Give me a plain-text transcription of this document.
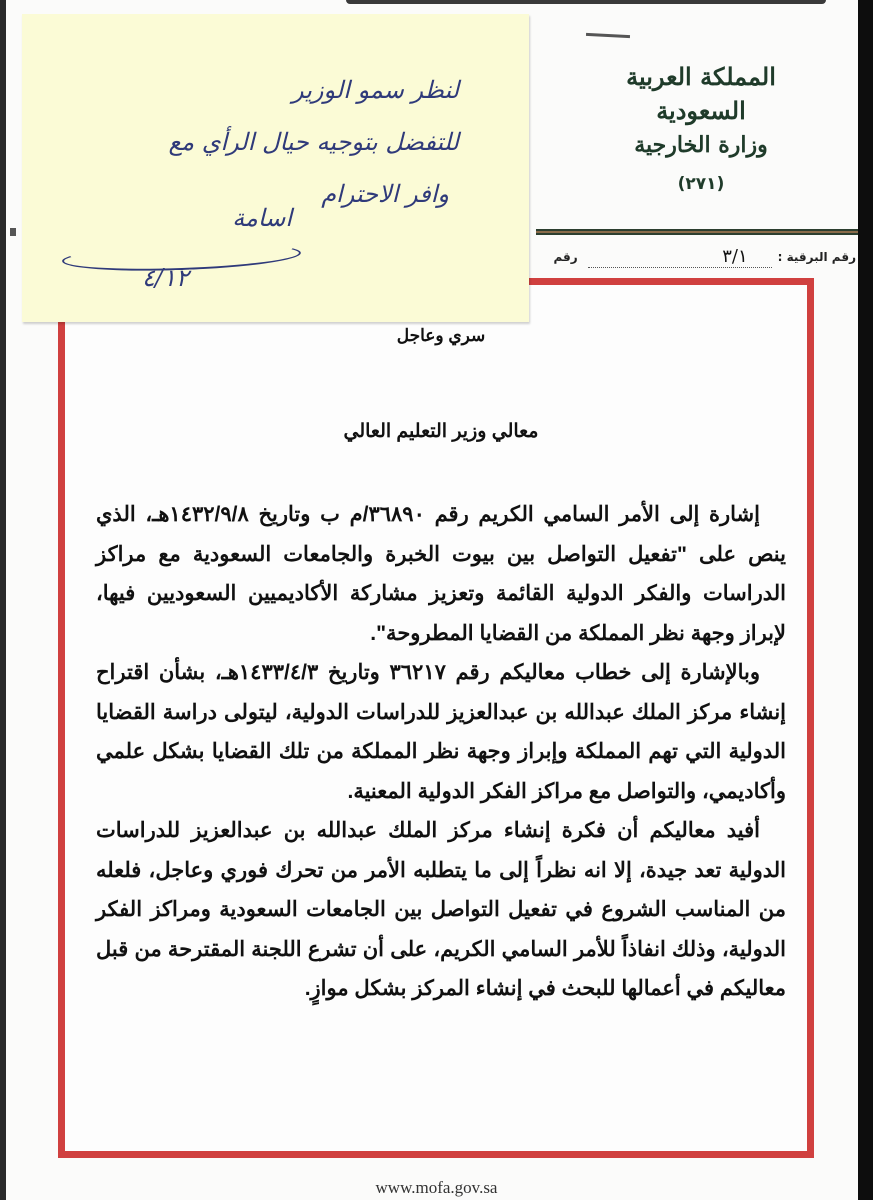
المملكة العربية السعودية
وزارة الخارجية
(٢٧١)
رقم البرقية :
٣/١
رقم
سري وعاجل
معالي وزير التعليم العالي

إشارة إلى الأمر السامي الكريم رقم ٣٦٨٩٠/م ب وتاريخ ١٤٣٢/٩/٨هـ، الذي ينص على "تفعيل التواصل بين بيوت الخبرة والجامعات السعودية مع مراكز الدراسات والفكر الدولية القائمة وتعزيز مشاركة الأكاديميين السعوديين فيها، لإبراز وجهة نظر المملكة من القضايا المطروحة".

وبالإشارة إلى خطاب معاليكم رقم ٣٦٢١٧ وتاريخ ١٤٣٣/٤/٣هـ، بشأن اقتراح إنشاء مركز الملك عبدالله بن عبدالعزيز للدراسات الدولية، ليتولى دراسة القضايا الدولية التي تهم المملكة وإبراز وجهة نظر المملكة من تلك القضايا بشكل علمي وأكاديمي، والتواصل مع مراكز الفكر الدولية المعنية.

أفيد معاليكم أن فكرة إنشاء مركز الملك عبدالله بن عبدالعزيز للدراسات الدولية تعد جيدة، إلا انه نظراً إلى ما يتطلبه الأمر من تحرك فوري وعاجل، فلعله من المناسب الشروع في تفعيل التواصل بين الجامعات السعودية ومراكز الفكر الدولية، وذلك انفاذاً للأمر السامي الكريم، على أن تشرع اللجنة المقترحة من قبل معاليكم في أعمالها للبحث في إنشاء المركز بشكل موازٍ.

www.mofa.gov.sa
لنظر سمو الوزير
للتفضل بتوجيه حيال الرأي مع
وافر الاحترام
اسامة
٤/١٢
